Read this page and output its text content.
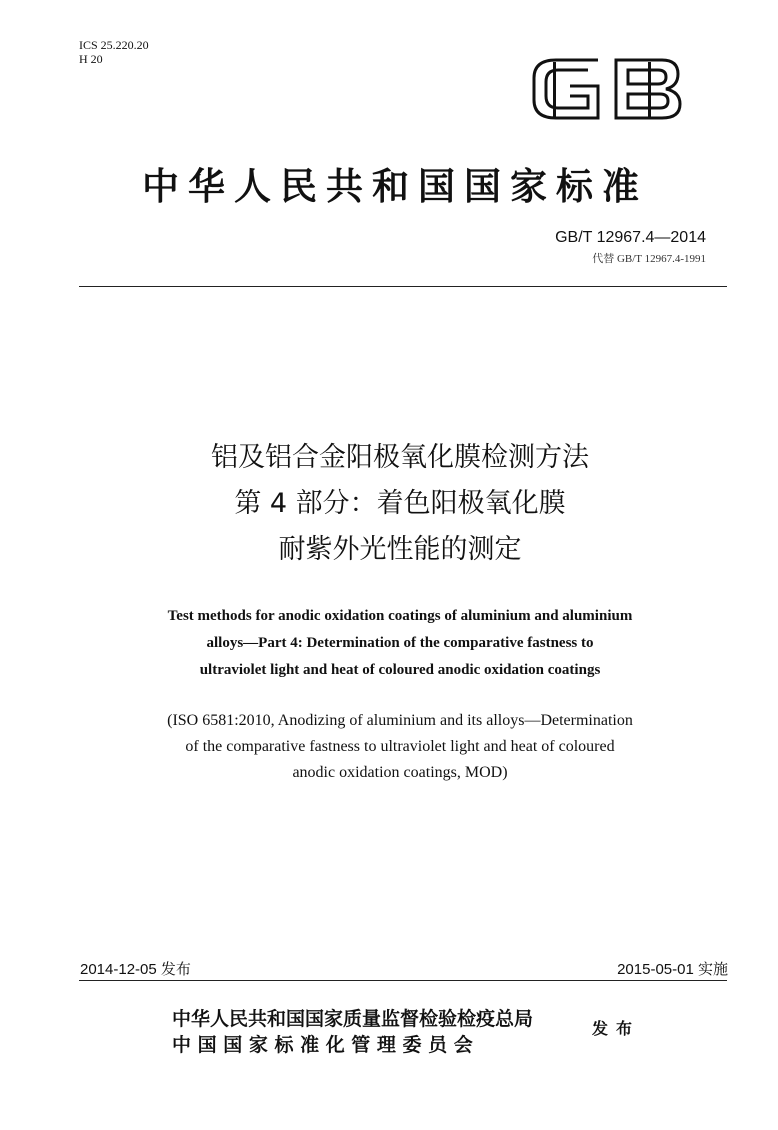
ICS 25.220.20
H 20
中华人民共和国国家标准
GB/T 12967.4—2014
代替 GB/T 12967.4-1991
铝及铝合金阳极氧化膜检测方法
第 4 部分：着色阳极氧化膜
耐紫外光性能的测定
Test methods for anodic oxidation coatings of aluminium and aluminium
alloys—Part 4: Determination of the comparative fastness to
ultraviolet light and heat of coloured anodic oxidation coatings
(ISO 6581:2010, Anodizing of aluminium and its alloys—Determination
of the comparative fastness to ultraviolet light and heat of coloured
anodic oxidation coatings, MOD)
2014-12-05 发布	2015-05-01 实施
中华人民共和国国家质量监督检验检疫总局
中 国 国 家 标 准 化 管 理 委 员 会
发布
